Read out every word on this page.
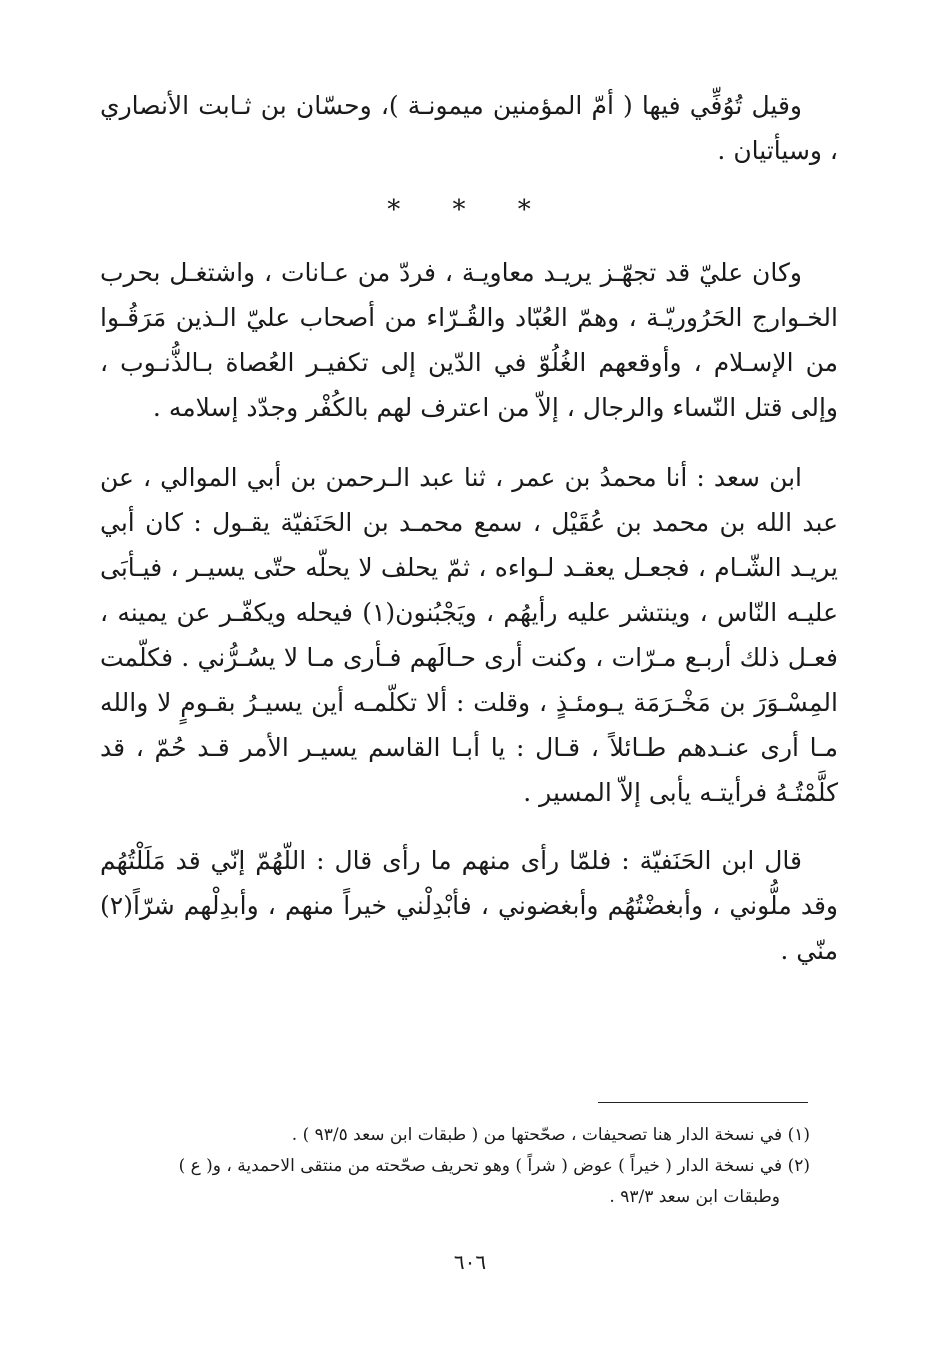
وقيل تُوُفِّي فيها ( أمّ المؤمنين ميمونـة )، وحسّان بن ثـابت الأنصاري ، وسيأتيان .

* * *

وكان عليّ قد تجهّـز يريـد معاويـة ، فردّ من عـانات ، واشتغـل بحرب الخـوارج الحَرُوريّـة ، وهمّ العُبّاد والقُـرّاء من أصحاب عليّ الـذين مَرَقُـوا من الإسـلام ، وأوقعهم الغُلُوّ في الدّين إلى تكفيـر العُصاة بـالذُّنـوب ، وإلى قتل النّساء والرجال ، إلاّ من اعترف لهم بالكُفْر وجدّد إسلامه .

ابن سعد : أنا محمدُ بن عمر ، ثنا عبد الـرحمن بن أبي الموالي ، عن عبد الله بن محمد بن عُقَيْل ، سمع محمـد بن الحَنَفيّة يقـول : كان أبي يريـد الشّـام ، فجعـل يعقـد لـواءه ، ثمّ يحلف لا يحلّه حتّى يسيـر ، فيـأبَى عليـه النّاس ، وينتشر عليه رأيهُم ، ويَجْبُنون(١) فيحله ويكفّـر عن يمينه ، فعـل ذلك أربـع مـرّات ، وكنت أرى حـالَهم فـأرى مـا لا يسُـرُّني . فكلّمت المِسْـوَرَ بن مَخْـرَمَة يـومئـذٍ ، وقلت : ألا تكلّمـه أين يسيـرُ بقـومٍ لا والله مـا أرى عنـدهم طـائلاً ، قـال : يا أبـا القاسم يسيـر الأمر قـد حُمّ ، قد كلَّمْتُـهُ فرأيتـه يأبى إلاّ المسير .

قال ابن الحَنَفيّة : فلمّا رأى منهم ما رأى قال : اللّهُمّ إنّي قد مَلَلْتُهُم وقد ملُّوني ، وأبغضْتُهُم وأبغضوني ، فأبْدِلْني خيراً منهم ، وأبدِلْهم شرّاً(٢) منّي .

(١) في نسخة الدار هنا تصحيفات ، صحّحتها من ( طبقات ابن سعد ٩٣/٥ ) .

(٢) في نسخة الدار ( خيراً ) عوض ( شراً ) وهو تحريف صحّحته من منتقى الاحمدية ، و( ع )

وطبقات ابن سعد ٩٣/٣ .

٦٠٦
